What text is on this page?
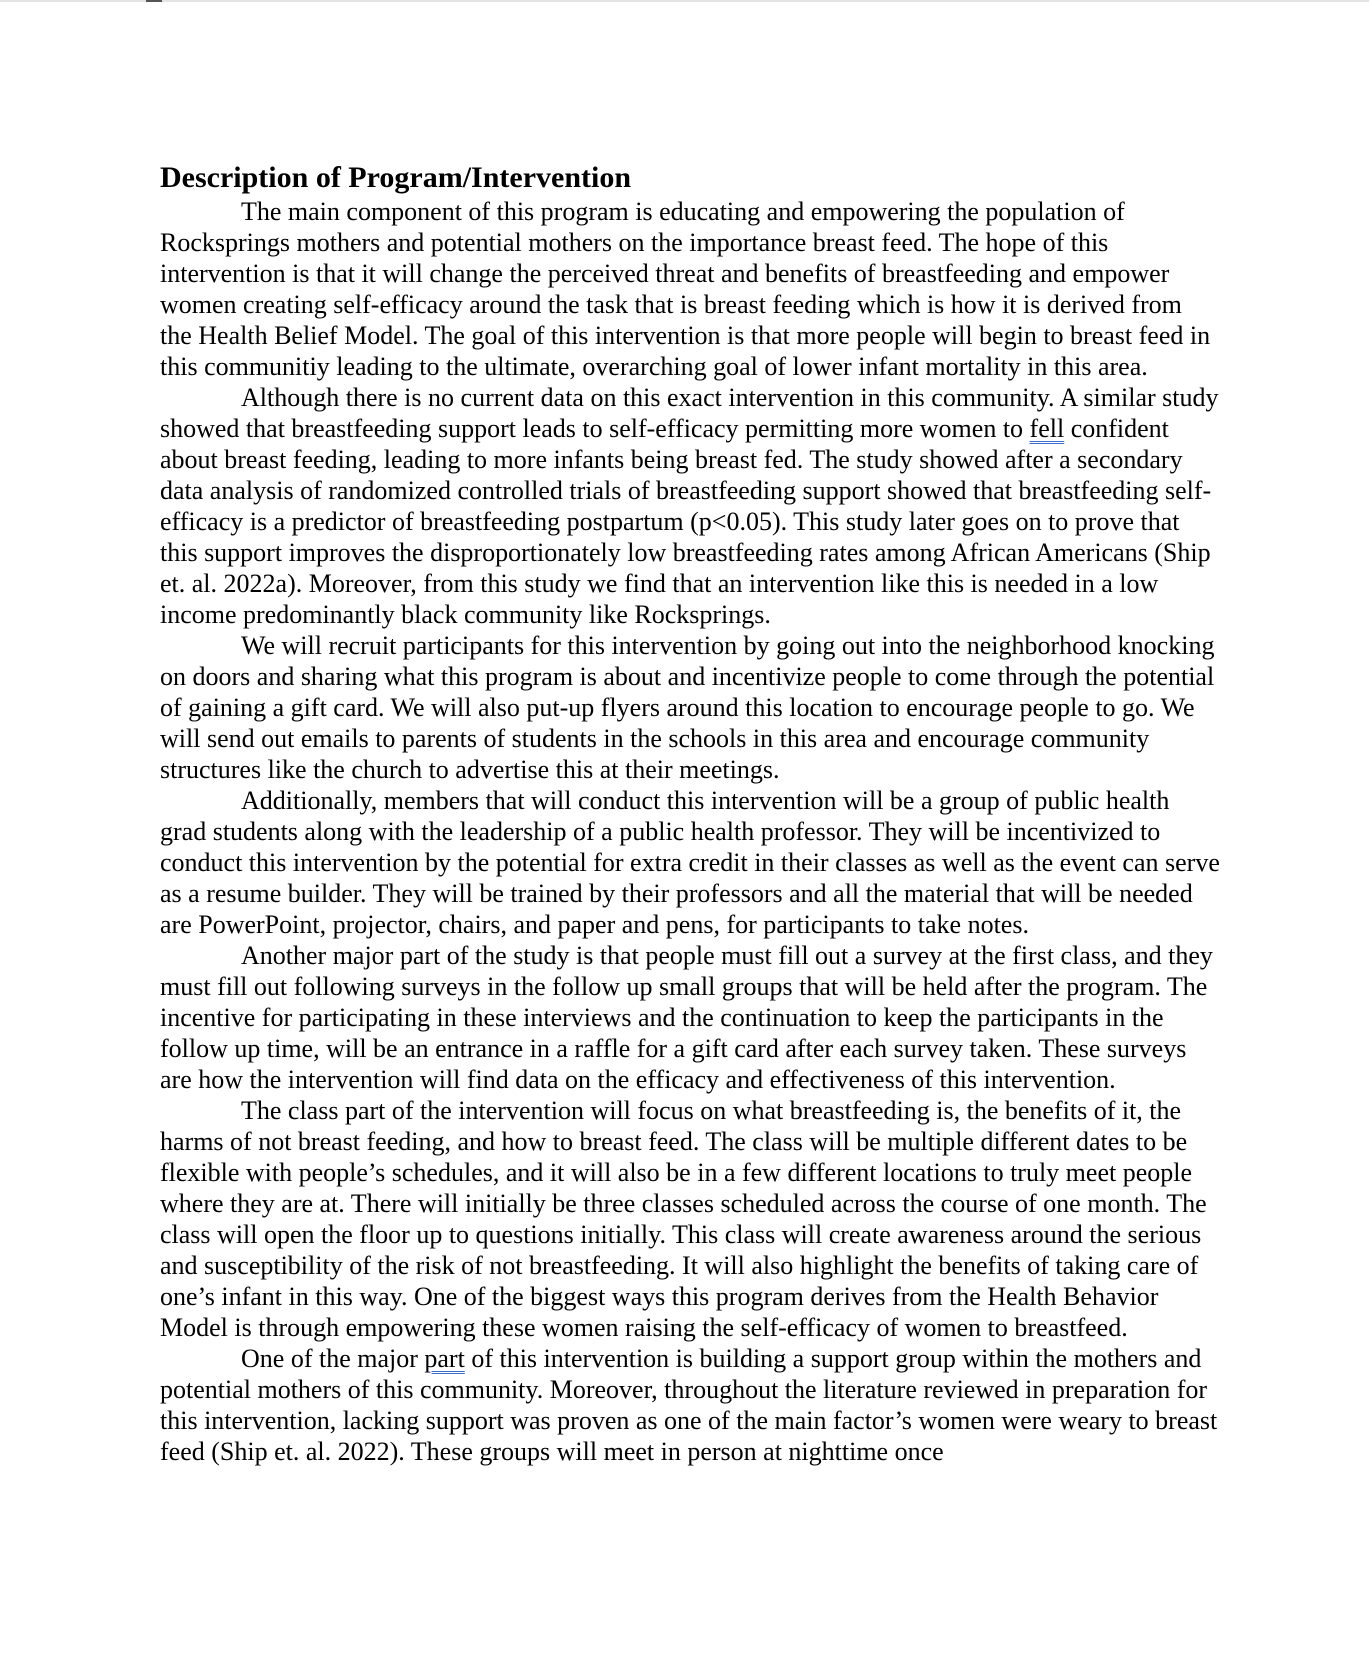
Description of Program/Intervention

The main component of this program is educating and empowering the population of Rocksprings mothers and potential mothers on the importance breast feed. The hope of this intervention is that it will change the perceived threat and benefits of breastfeeding and empower women creating self-efficacy around the task that is breast feeding which is how it is derived from the Health Belief Model. The goal of this intervention is that more people will begin to breast feed in this communitiy leading to the ultimate, overarching goal of lower infant mortality in this area.

Although there is no current data on this exact intervention in this community. A similar study showed that breastfeeding support leads to self-efficacy permitting more women to fell confident about breast feeding, leading to more infants being breast fed. The study showed after a secondary data analysis of randomized controlled trials of breastfeeding support showed that breastfeeding self-efficacy is a predictor of breastfeeding postpartum (p<0.05). This study later goes on to prove that this support improves the disproportionately low breastfeeding rates among African Americans (Ship et. al. 2022a). Moreover, from this study we find that an intervention like this is needed in a low income predominantly black community like Rocksprings.

We will recruit participants for this intervention by going out into the neighborhood knocking on doors and sharing what this program is about and incentivize people to come through the potential of gaining a gift card. We will also put-up flyers around this location to encourage people to go. We will send out emails to parents of students in the schools in this area and encourage community structures like the church to advertise this at their meetings.

Additionally, members that will conduct this intervention will be a group of public health grad students along with the leadership of a public health professor. They will be incentivized to conduct this intervention by the potential for extra credit in their classes as well as the event can serve as a resume builder. They will be trained by their professors and all the material that will be needed are PowerPoint, projector, chairs, and paper and pens, for participants to take notes.

Another major part of the study is that people must fill out a survey at the first class, and they must fill out following surveys in the follow up small groups that will be held after the program. The incentive for participating in these interviews and the continuation to keep the participants in the follow up time, will be an entrance in a raffle for a gift card after each survey taken. These surveys are how the intervention will find data on the efficacy and effectiveness of this intervention.

The class part of the intervention will focus on what breastfeeding is, the benefits of it, the harms of not breast feeding, and how to breast feed. The class will be multiple different dates to be flexible with people’s schedules, and it will also be in a few different locations to truly meet people where they are at. There will initially be three classes scheduled across the course of one month. The class will open the floor up to questions initially. This class will create awareness around the serious and susceptibility of the risk of not breastfeeding. It will also highlight the benefits of taking care of one’s infant in this way. One of the biggest ways this program derives from the Health Behavior Model is through empowering these women raising the self-efficacy of women to breastfeed.

One of the major part of this intervention is building a support group within the mothers and potential mothers of this community. Moreover, throughout the literature reviewed in preparation for this intervention, lacking support was proven as one of the main factor’s women were weary to breast feed (Ship et. al. 2022). These groups will meet in person at nighttime once
